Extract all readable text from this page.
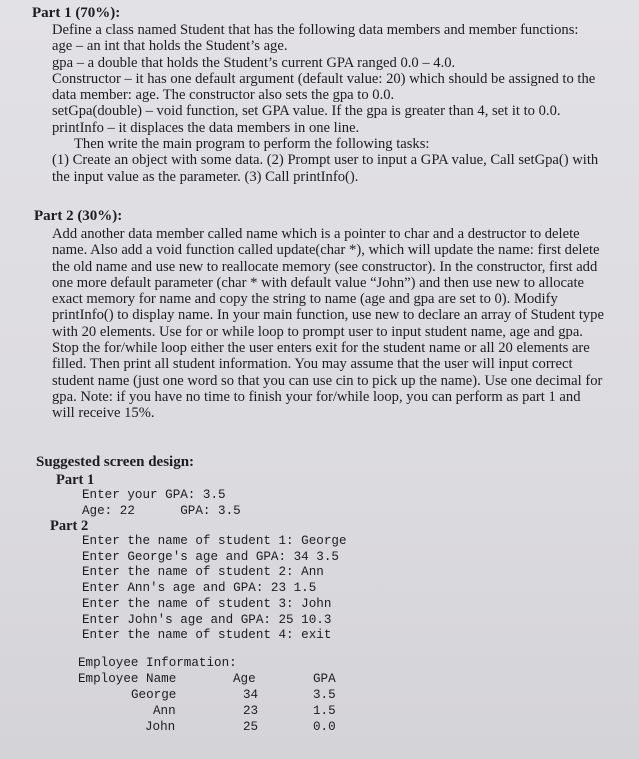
Part 1 (70%):

Define a class named Student that has the following data members and member functions:

age – an int that holds the Student’s age.

gpa – a double that holds the Student’s current GPA ranged 0.0 – 4.0.

Constructor – it has one default argument (default value: 20) which should be assigned to the

data member: age. The constructor also sets the gpa to 0.0.

setGpa(double) – void function, set GPA value. If the gpa is greater than 4, set it to 0.0.

printInfo – it displaces the data members in one line.

Then write the main program to perform the following tasks:

(1) Create an object with some data. (2) Prompt user to input a GPA value, Call setGpa() with

the input value as the parameter. (3) Call printInfo().

Part 2 (30%):

Add another data member called name which is a pointer to char and a destructor to delete

name. Also add a void function called update(char *), which will update the name: first delete

the old name and use new to reallocate memory (see constructor). In the constructor, first add

one more default parameter (char * with default value “John”) and then use new to allocate

exact memory for name and copy the string to name (age and gpa are set to 0). Modify

printInfo() to display name. In your main function, use new to declare an array of Student type

with 20 elements. Use for or while loop to prompt user to input student name, age and gpa.

Stop the for/while loop either the user enters exit for the student name or all 20 elements are

filled. Then print all student information. You may assume that the user will input correct

student name (just one word so that you can use cin to pick up the name). Use one decimal for

gpa. Note: if you have no time to finish your for/while loop, you can perform as part 1 and

will receive 15%.

Suggested screen design:
Part 1
Enter your GPA: 3.5
Age: 22      GPA: 3.5
Part 2
Enter the name of student 1: George
Enter George's age and GPA: 34 3.5
Enter the name of student 2: Ann
Enter Ann's age and GPA: 23 1.5
Enter the name of student 3: John
Enter John's age and GPA: 25 10.3
Enter the name of student 4: exit
Employee Information:
Employee Name	Age	GPA
George	34	3.5
Ann	23	1.5
John	25	0.0
